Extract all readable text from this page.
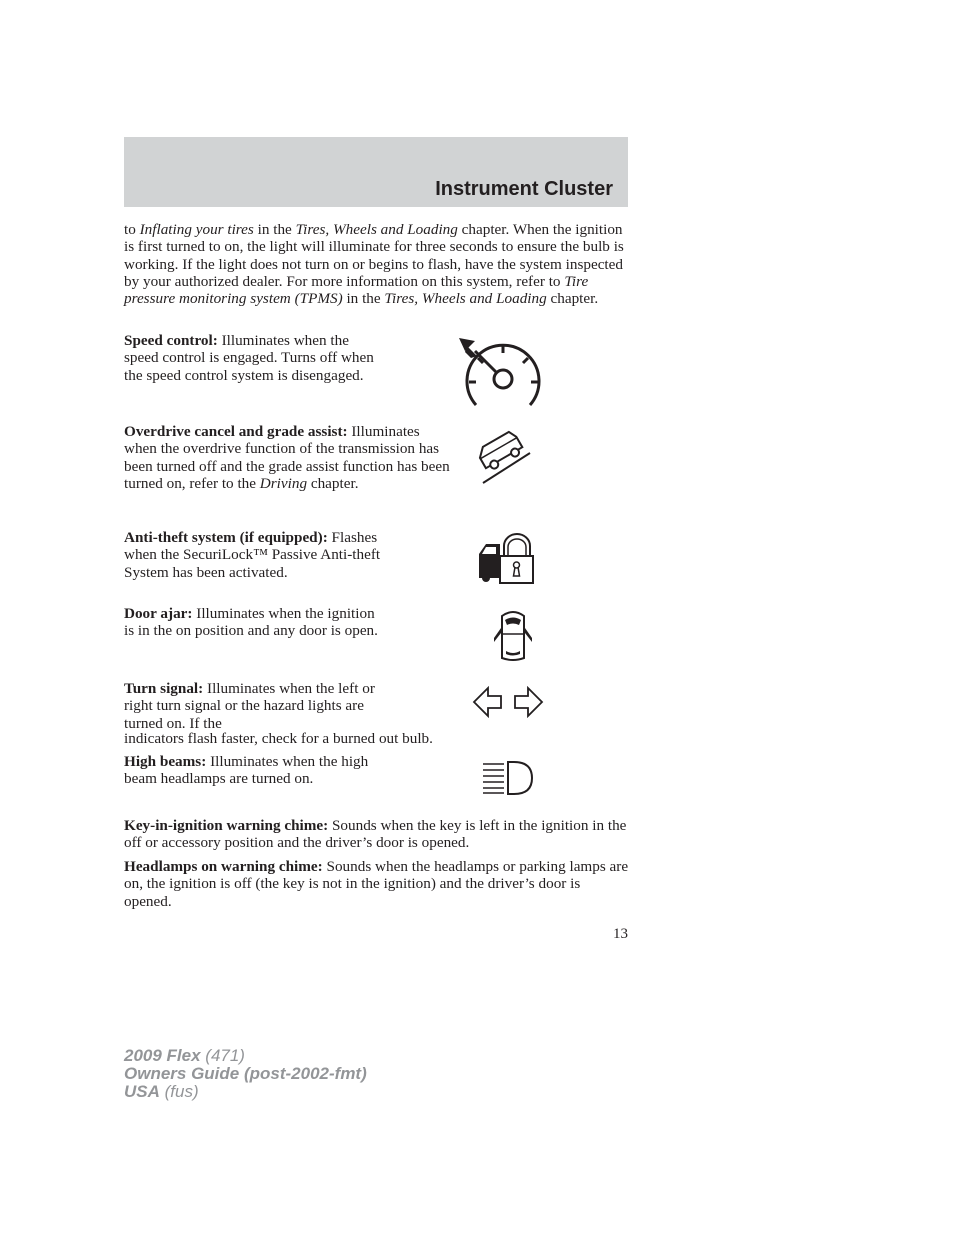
Instrument Cluster
to Inflating your tires in the Tires, Wheels and Loading chapter. When the ignition is first turned to on, the light will illuminate for three seconds to ensure the bulb is working. If the light does not turn on or begins to flash, have the system inspected by your authorized dealer. For more information on this system, refer to Tire pressure monitoring system (TPMS) in the Tires, Wheels and Loading chapter.
Speed control: Illuminates when the speed control is engaged. Turns off when the speed control system is disengaged.
Overdrive cancel and grade assist: Illuminates when the overdrive function of the transmission has been turned off and the grade assist function has been turned on, refer to the Driving chapter.
Anti-theft system (if equipped): Flashes when the SecuriLock™ Passive Anti-theft System has been activated.
Door ajar: Illuminates when the ignition is in the on position and any door is open.
Turn signal: Illuminates when the left or right turn signal or the hazard lights are turned on. If the
indicators flash faster, check for a burned out bulb.
High beams: Illuminates when the high beam headlamps are turned on.
Key-in-ignition warning chime: Sounds when the key is left in the ignition in the off or accessory position and the driver’s door is opened.
Headlamps on warning chime: Sounds when the headlamps or parking lamps are on, the ignition is off (the key is not in the ignition) and the driver’s door is opened.
13
2009 Flex (471)
Owners Guide (post-2002-fmt)
USA (fus)
